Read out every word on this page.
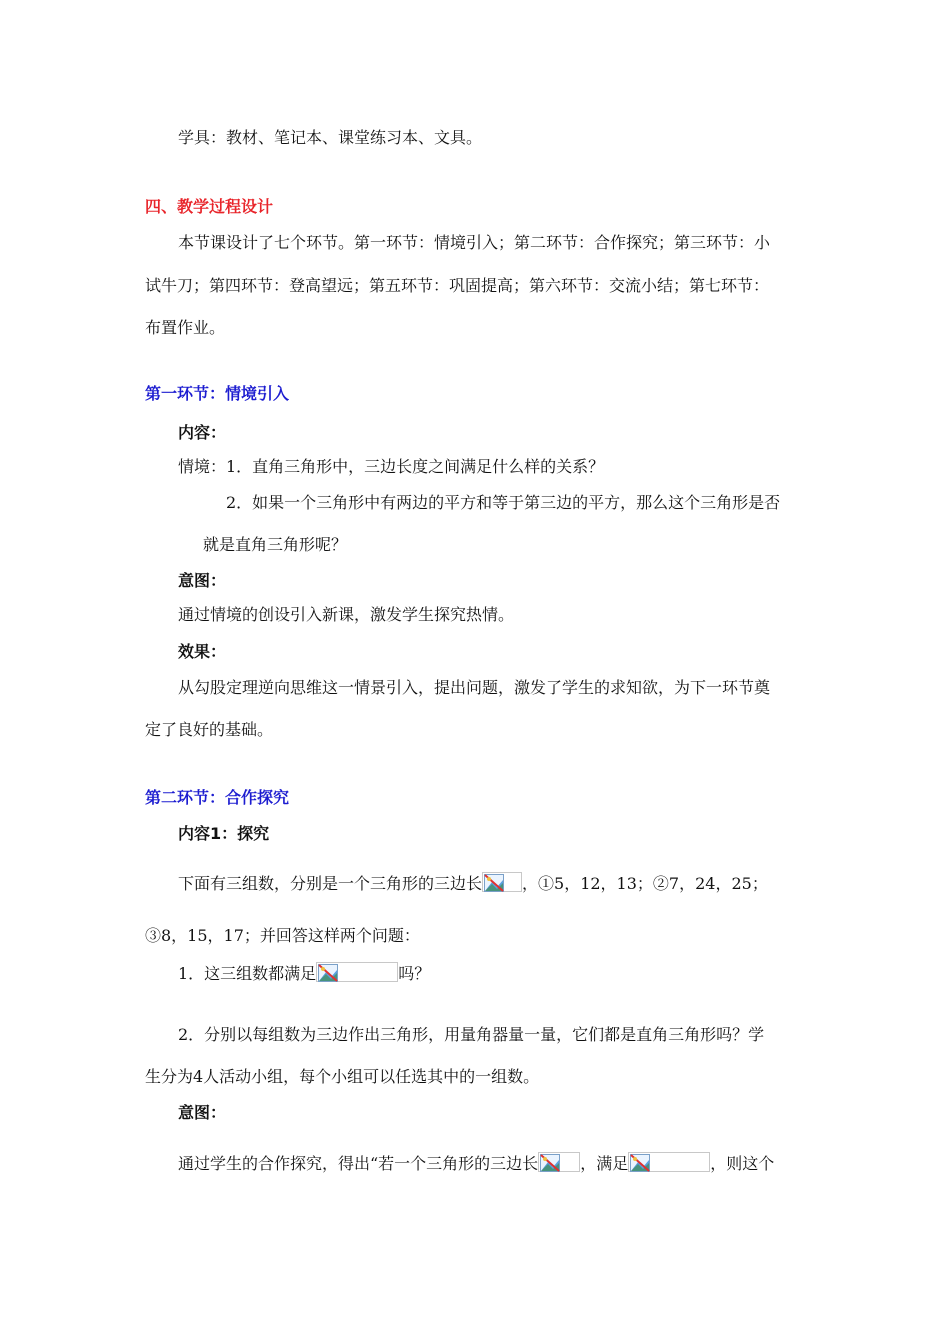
学具：教材、笔记本、课堂练习本、文具。
四、教学过程设计
本节课设计了七个环节。第一环节：情境引入；第二环节：合作探究；第三环节：小
试牛刀；第四环节：登高望远；第五环节：巩固提高；第六环节：交流小结；第七环节：
布置作业。
第一环节：情境引入
内容：
情境：1．直角三角形中，三边长度之间满足什么样的关系？
2．如果一个三角形中有两边的平方和等于第三边的平方，那么这个三角形是否
就是直角三角形呢？
意图：
通过情境的创设引入新课，激发学生探究热情。
效果：
从勾股定理逆向思维这一情景引入，提出问题，激发了学生的求知欲，为下一环节奠
定了良好的基础。
第二环节：合作探究
内容1：探究
下面有三组数，分别是一个三角形的三边长	，①5，12，13；②7，24，25；
③8，15，17；并回答这样两个问题：
1．这三组数都满足	吗？
2．分别以每组数为三边作出三角形，用量角器量一量，它们都是直角三角形吗？学
生分为4人活动小组，每个小组可以任选其中的一组数。
意图：
通过学生的合作探究，得出“若一个三角形的三边长	，满足	，则这个
